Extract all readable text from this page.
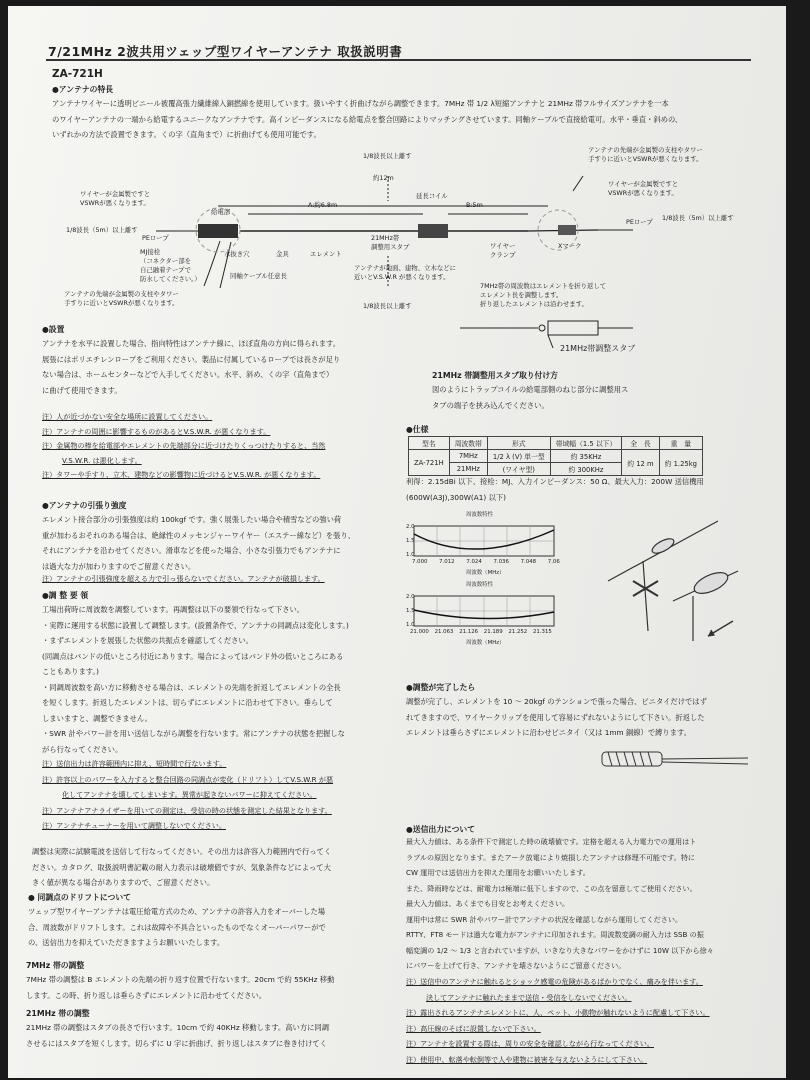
7/21MHz 2波共用ツェップ型ワイヤーアンテナ 取扱説明書
ZA-721H
●アンテナの特長
アンテナワイヤーに透明ビニール被覆高張力繊維線入銅撚線を使用しています。扱いやすく折曲げながら調整できます。7MHz 帯 1/2 λ短縮アンテナと 21MHz 帯フルサイズアンテナを一本
のワイヤーアンテナの一端から給電するユニークなアンテナです。高インピーダンスになる給電点を整合回路によりマッチングさせています。同軸ケーブルで直接給電可。水平・垂直・斜めの、
いずれかの方法で設置できます。くの字（直角まで）に折曲げても使用可能です。
1/8波長以上離す
約12m
アンテナの先端が金属製の支柱やタワー
手すりに近いとVSWRが悪くなります。
ワイヤーが金属製ですと
VSWRが悪くなります。
ワイヤーが金属製ですと
VSWRが悪くなります。	A:約6.8m
延長コイル
B:5m
給電部
1/8波長（5m）以上離す
PEロープ
PEロープ 1/8波長（5m）以上離す
MJ接栓
（コネクター部を
自己融着テープで
防水してください。）
水抜き穴	金具	エレメント
21MHz帯
調整用スタブ	ワイヤー
クランプ
Xマーク
同軸ケーブル任意長
アンテナが地面、建物、立木などに
近いとV.S.W.R が悪くなります。
アンテナの先端が金属製の支柱やタワー
手すりに近いとVSWRが悪くなります。	1/8波長以上離す
7MHz帯の周波数はエレメントを折り返して
エレメント長を調整します。
折り返したエレメントは沿わせます。
21MHz帯調整スタブ
21MHz 帯調整用スタブ取り付け方
図のようにトラップコイルの給電部側のねじ部分に調整用ス
タブの端子を挟み込んでください。
●設置
アンテナを水平に設置した場合、指向特性はアンテナ線に、ほぼ直角の方向に得られます。
展張にはポリエチレンロープをご利用ください。製品に付属しているロープでは長さが足り
ない場合は、ホームセンターなどで入手してください。水平、斜め、くの字（直角まで）
に曲げて使用できます。
注）人が近づかない安全な場所に設置してください。
注）アンテナの周囲に影響するものがあるとV.S.W.R. が悪くなります。
注）金属物の棒を給電部やエレメントの先端部分に近づけたりくっつけたりすると、当然
V.S.W.R. は悪化します。
注）タワーや手すり、立木、建物などの影響物に近づけるとV.S.W.R. が悪くなります。
●仕様
型名	周波数帯	形式	帯域幅（1.5 以下）	全　長	重　量
ZA-721H	7MHz	1/2 λ (V) 単一型	約 35KHz	約 12 m	約 1.25kg
	21MHz	(ワイヤ型)	約 300KHz		
利得：2.15dBi 以下、接栓：MJ、入力インピーダンス：50 Ω、最大入力：200W 送信機用
(600W(A3J),300W(A1) 以下)
周波数特性
2.0
1.5
1.0
7.000 7.012 7.024 7.036 7.048 7.06
周波数（MHz）
周波数特性
2.0
1.5
1.0
21.000 21.063 21.126 21.189 21.252 21.315
周波数（MHz）
●アンテナの引張り強度
エレメント接合部分の引張強度は約 100kgf です。強く展張したい場合や積雪などの強い荷
重が加わるおそれのある場合は、絶縁性のメッセンジャーワイヤー（エステー線など）を張り、
それにアンテナを沿わせてください。滑車などを使った場合、小さな引張力でもアンテナに
は過大な力が加わりますのでご留意ください。
注）アンテナの引張強度を超える力で引っ張らないでください。アンテナが破損します。
●調 整 要 領
工場出荷時に周波数を調整しています。再調整は以下の要領で行なって下さい。
・実際に運用する状態に設置して調整します。(設置条件で、アンテナの同調点は変化します。)
・まずエレメントを展張した状態の共振点を確認してください。
(同調点はバンドの低いところ付近にあります。場合によってはバンド外の低いところにある
こともあります。)
・同調周波数を高い方に移動させる場合は、エレメントの先端を折返してエレメントの全長
を短くします。折返したエレメントは、切らずにエレメントに沿わせて下さい。垂らして
しまいますと、調整できません。
・SWR 計やパワー計を用い送信しながら調整を行ないます。常にアンテナの状態を把握しな
がら行なってください。
注）送信出力は許容範囲内に抑え、短時間で行ないます。
注）許容以上のパワーを入力すると整合回路の同調点が変化（ドリフト）してV.S.W.R が悪
化してアンテナを壊してしまいます。異常が起きないパワーに抑えてください。
注）アンテナアナライザーを用いての測定は、受信の時の状態を測定した結果となります。
注）アンテナチューナーを用いて調整しないでください。
調整は実際に試験電波を送信して行なってください。その出力は許容入力範囲内で行ってく
ださい。カタログ、取扱説明書記載の耐入力表示は破壊値ですが、気象条件などによって大
きく値が異なる場合がありますので、ご留意ください。
● 同調点のドリフトについて
ツェップ型ワイヤーアンテナは電圧給電方式のため、アンテナの許容入力をオーバーした場
合、周波数がドリフトします。これは故障や不具合といったものでなくオーバーパワーがで
の、送信出力を抑えていただきますようお願いいたします。
7MHz 帯の調整
7MHz 帯の調整は B エレメントの先端の折り返す位置で行ないます。20cm で約 55KHz 移動
します。この時、折り返しは垂らさずにエレメントに沿わせてください。
21MHz 帯の調整
21MHz 帯の調整はスタブの長さで行います。10cm で約 40KHz 移動します。高い方に同調
させるにはスタブを短くします。切らずに U 字に折曲げ、折り返しはスタブに巻き付けてく
●調整が完了したら
調整が完了し、エレメントを 10 ～ 20kgf のテンションで張った場合、ビニタイだけではず
れてきますので、ワイヤークリップを使用して容易にずれないようにして下さい。折返した
エレメントは垂らさずにエレメントに沿わせビニタイ（又は 1mm 銅線）で縛ります。
●送信出力について
最大入力値は、ある条件下で測定した時の破壊値です。定格を超える入力電力での運用はト
ラブルの原因となります。またアーク放電により焼損したアンテナは修理不可能です。特に
CW 運用では送信出力を抑えた運用をお願いいたします。
また、降雨時などは、耐電力は極端に低下しますので、この点を留意してご使用ください。
最大入力値は、あくまでも目安とお考えください。
運用中は常に SWR 計やパワー計でアンテナの状況を確認しながら運用してください。
RTTY、FT8 モードは過大な電力がアンテナに印加されます。周波数変調の耐入力は SSB の振
幅変調の 1/2 ～ 1/3 と言われていますが、いきなり大きなパワーをかけずに 10W 以下から徐々
にパワーを上げて行き、アンテナを壊さないようにご留意ください。
注）送信中のアンテナに触れるとショック感電の危険があるばかりでなく、痛みを伴います。
決してアンテナに触れたままで送信・受信をしないでください。
注）露出されるアンテナエレメントに、人、ペット、小動物が触れないように配慮して下さい。
注）高圧線のそばに設置しないで下さい。
注）アンテナを設置する際は、周りの安全を確認しながら行なってください。
注）使用中、転落や転倒等で人や建物に被害を与えないようにして下さい。
